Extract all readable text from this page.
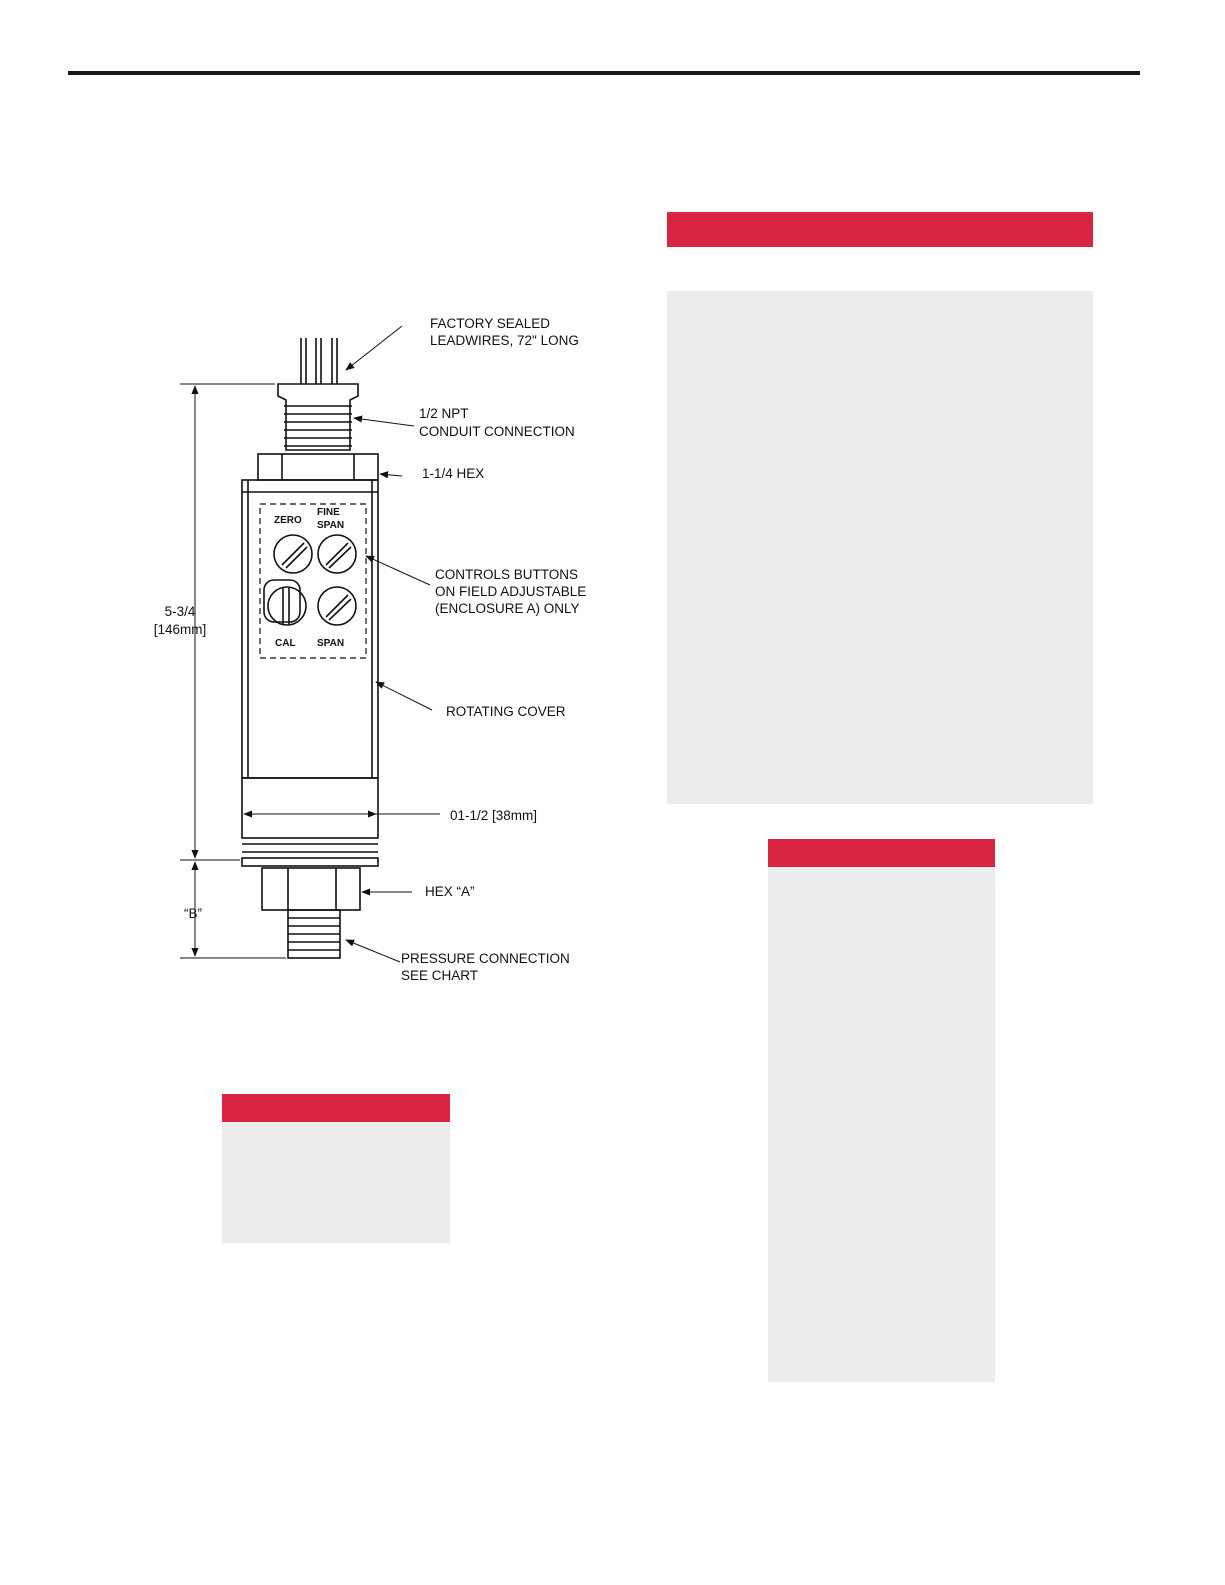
FACTORY SEALED
LEADWIRES, 72" LONG
1/2 NPT
CONDUIT CONNECTION
1-1/4 HEX
CONTROLS BUTTONS
ON FIELD ADJUSTABLE
(ENCLOSURE A) ONLY
ROTATING COVER
01-1/2 [38mm]
HEX “A”
PRESSURE CONNECTION
SEE CHART
5-3/4
[146mm]
“B”
ZERO
FINE
SPAN
CAL SPAN
